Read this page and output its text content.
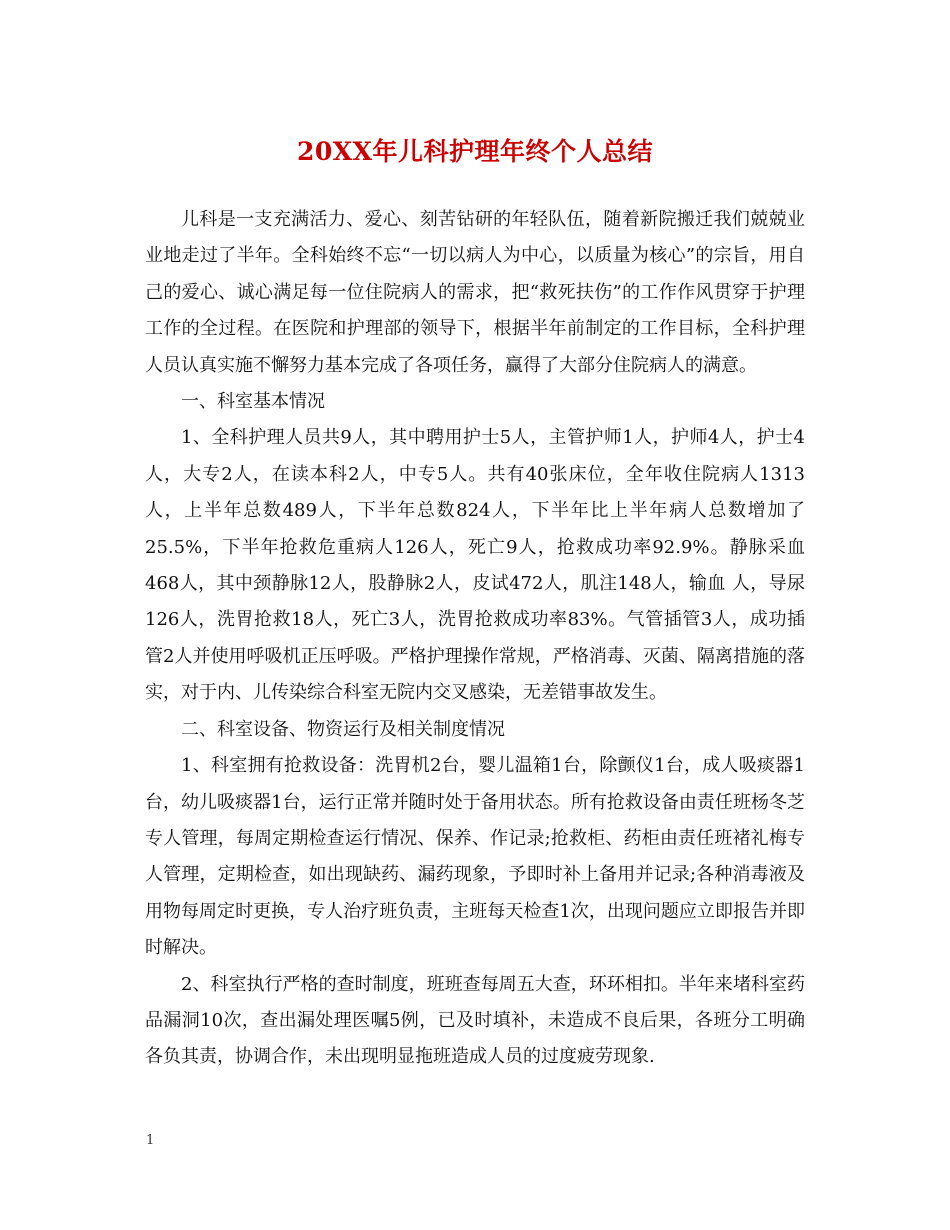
20XX年儿科护理年终个人总结

儿科是一支充满活力、爱心、刻苦钻研的年轻队伍，随着新院搬迁我们兢兢业业地走过了半年。全科始终不忘“一切以病人为中心，以质量为核心”的宗旨，用自己的爱心、诚心满足每一位住院病人的需求，把“救死扶伤”的工作作风贯穿于护理工作的全过程。在医院和护理部的领导下，根据半年前制定的工作目标，全科护理人员认真实施不懈努力基本完成了各项任务，赢得了大部分住院病人的满意。

一、科室基本情况

1、全科护理人员共9人，其中聘用护士5人，主管护师1人，护师4人，护士4人，大专2人，在读本科2人，中专5人。共有40张床位，全年收住院病人1313人，上半年总数489人，下半年总数824人，下半年比上半年病人总数增加了25.5%，下半年抢救危重病人126人，死亡9人，抢救成功率92.9%。静脉采血468人，其中颈静脉12人，股静脉2人，皮试472人，肌注148人，输血 人，导尿126人，洗胃抢救18人，死亡3人，洗胃抢救成功率83%。气管插管3人，成功插管2人并使用呼吸机正压呼吸。严格护理操作常规，严格消毒、灭菌、隔离措施的落实，对于内、儿传染综合科室无院内交叉感染，无差错事故发生。

二、科室设备、物资运行及相关制度情况

1、科室拥有抢救设备：洗胃机2台，婴儿温箱1台，除颤仪1台，成人吸痰器1台，幼儿吸痰器1台，运行正常并随时处于备用状态。所有抢救设备由责任班杨冬芝专人管理，每周定期检查运行情况、保养、作记录;抢救柜、药柜由责任班褚礼梅专人管理，定期检查，如出现缺药、漏药现象，予即时补上备用并记录;各种消毒液及用物每周定时更换，专人治疗班负责，主班每天检查1次，出现问题应立即报告并即时解决。

2、科室执行严格的查时制度，班班查每周五大查，环环相扣。半年来堵科室药品漏洞10次，查出漏处理医嘱5例，已及时填补，未造成不良后果，各班分工明确各负其责，协调合作，未出现明显拖班造成人员的过度疲劳现象.

1
